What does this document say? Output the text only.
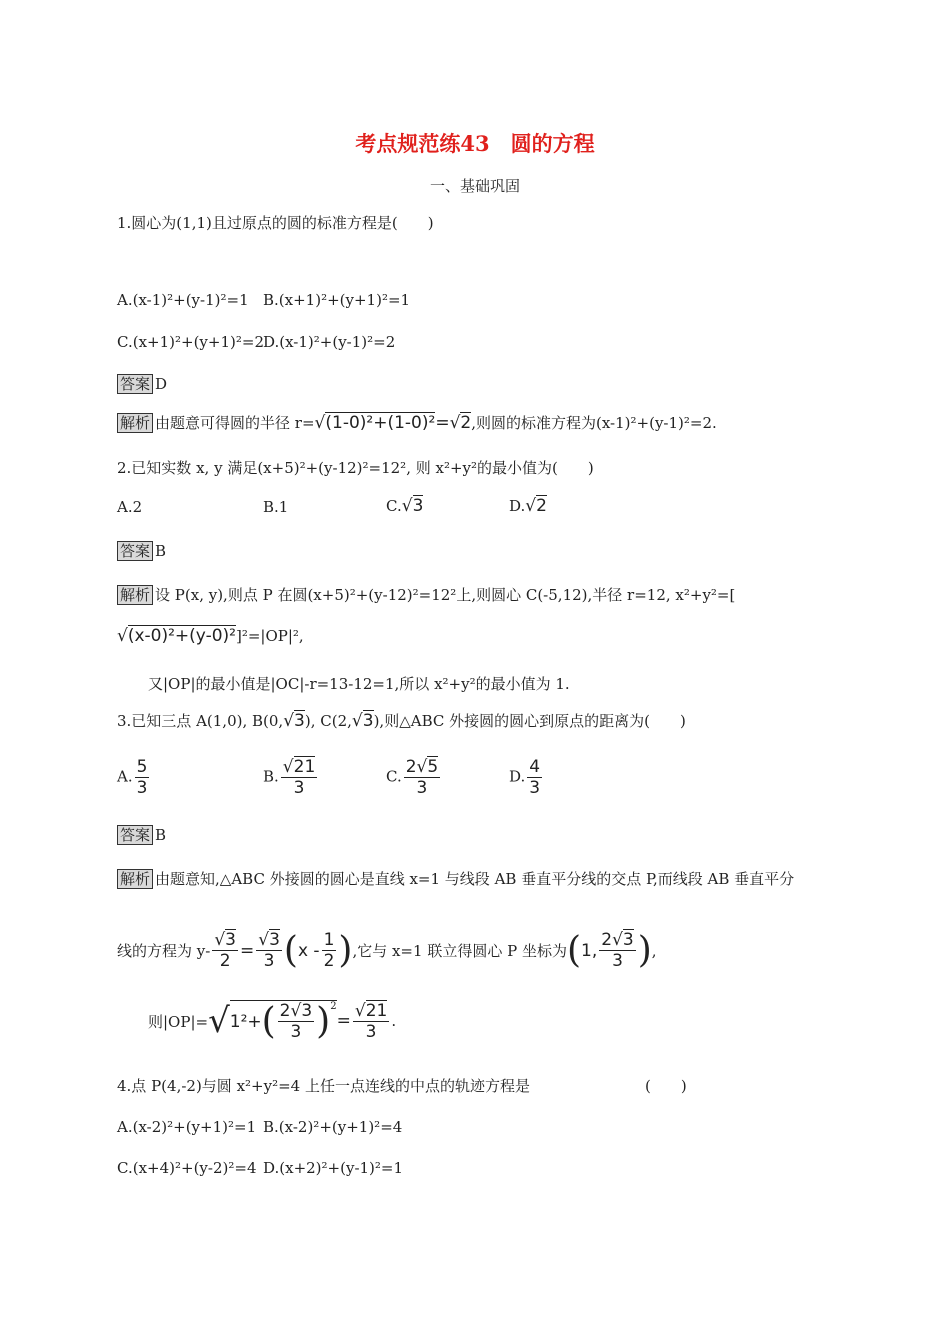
考点规范练43　圆的方程
一、基础巩固
1.圆心为(1,1)且过原点的圆的标准方程是(　　)
A.(x-1)²+(y-1)²=1 B.(x+1)²+(y+1)²=1
C.(x+1)²+(y+1)²=2 D.(x-1)²+(y-1)²=2
答案 D
解析 由题意可得圆的半径 r=√(1-0)²+(1-0)²=√2,则圆的标准方程为(x-1)²+(y-1)²=2.
2.已知实数 x, y 满足(x+5)²+(y-12)²=12², 则 x²+y²的最小值为(　　)
A.2	B.1	C.√3	D.√2
答案 B
解析 设 P(x, y),则点 P 在圆(x+5)²+(y-12)²=12²上,则圆心 C(-5,12),半径 r=12, x²+y²=[
√(x-0)²+(y-0)²]²=|OP|²,
又|OP|的最小值是|OC|-r=13-12=1,所以 x²+y²的最小值为 1.
3.已知三点 A(1,0), B(0,√3), C(2,√3),则△ABC 外接圆的圆心到原点的距离为(　　)
A. $\frac{5}{3}$	B. $\frac{√21}{3}$	C. $\frac{2√5}{3}$	D. $\frac{4}{3}$
答案 B
解析 由题意知,△ABC 外接圆的圆心是直线 x=1 与线段 AB 垂直平分线的交点 P,而线段 AB 垂直平分
线的方程为 $y- \frac{√3}{2} = \frac{√3}{3}$ ( x - $\frac{1}{2}$ ) ,它与 x=1 联立得圆心 P 坐标为 ( 1 , $\frac{2√3}{3}$ ) ,
则|OP|= √ 1²+ ( $\frac{2√3}{3} )^2$
= $\frac{√21}{3}$ .
4.点 P(4,-2)与圆 x²+y²=4 上任一点连线的中点的轨迹方程是	(　　)
A.(x-2)²+(y+1)²=1 B.(x-2)²+(y+1)²=4
C.(x+4)²+(y-2)²=4 D.(x+2)²+(y-1)²=1
